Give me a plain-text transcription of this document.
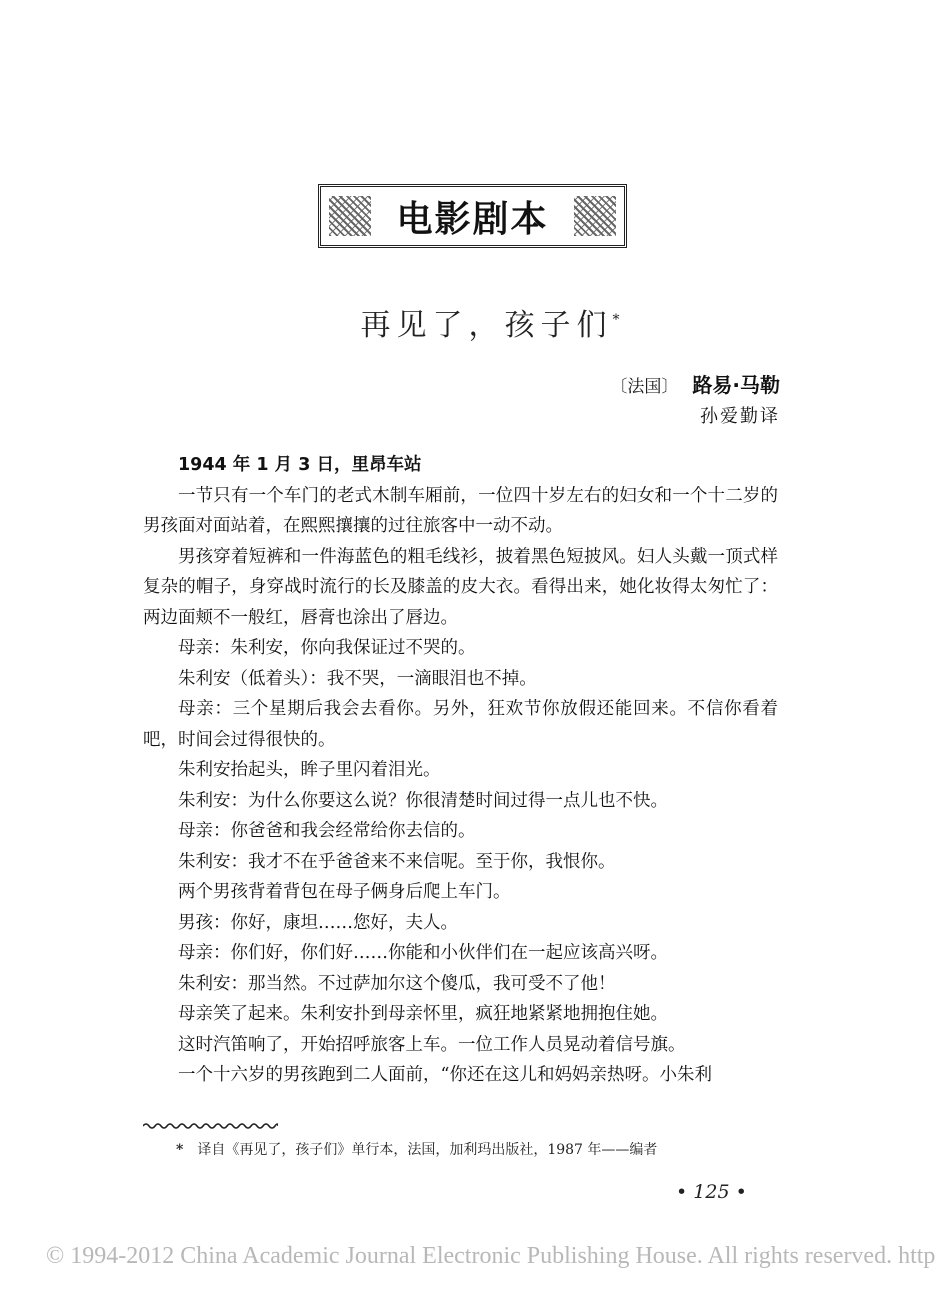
电影剧本
再见了，孩子们*
〔法国〕 路易·马勒
孙爱勤译

1944 年 1 月 3 日，里昂车站

一节只有一个车门的老式木制车厢前，一位四十岁左右的妇女和一个十二岁的男孩面对面站着，在熙熙攘攘的过往旅客中一动不动。

男孩穿着短裤和一件海蓝色的粗毛线衫，披着黑色短披风。妇人头戴一顶式样复杂的帽子，身穿战时流行的长及膝盖的皮大衣。看得出来，她化妆得太匆忙了：两边面颊不一般红，唇膏也涂出了唇边。

母亲：朱利安，你向我保证过不哭的。

朱利安（低着头）：我不哭，一滴眼泪也不掉。

母亲：三个星期后我会去看你。另外，狂欢节你放假还能回来。不信你看着吧，时间会过得很快的。

朱利安抬起头，眸子里闪着泪光。

朱利安：为什么你要这么说？你很清楚时间过得一点儿也不快。

母亲：你爸爸和我会经常给你去信的。

朱利安：我才不在乎爸爸来不来信呢。至于你，我恨你。

两个男孩背着背包在母子俩身后爬上车门。

男孩：你好，康坦……您好，夫人。

母亲：你们好，你们好……你能和小伙伴们在一起应该高兴呀。

朱利安：那当然。不过萨加尔这个傻瓜，我可受不了他！

母亲笑了起来。朱利安扑到母亲怀里，疯狂地紧紧地拥抱住她。

这时汽笛响了，开始招呼旅客上车。一位工作人员晃动着信号旗。

一个十六岁的男孩跑到二人面前，“你还在这儿和妈妈亲热呀。小朱利

* 译自《再见了，孩子们》单行本，法国，加利玛出版社，1987 年——编者
• 125 •
© 1994-2012 China Academic Journal Electronic Publishing House. All rights reserved. http
